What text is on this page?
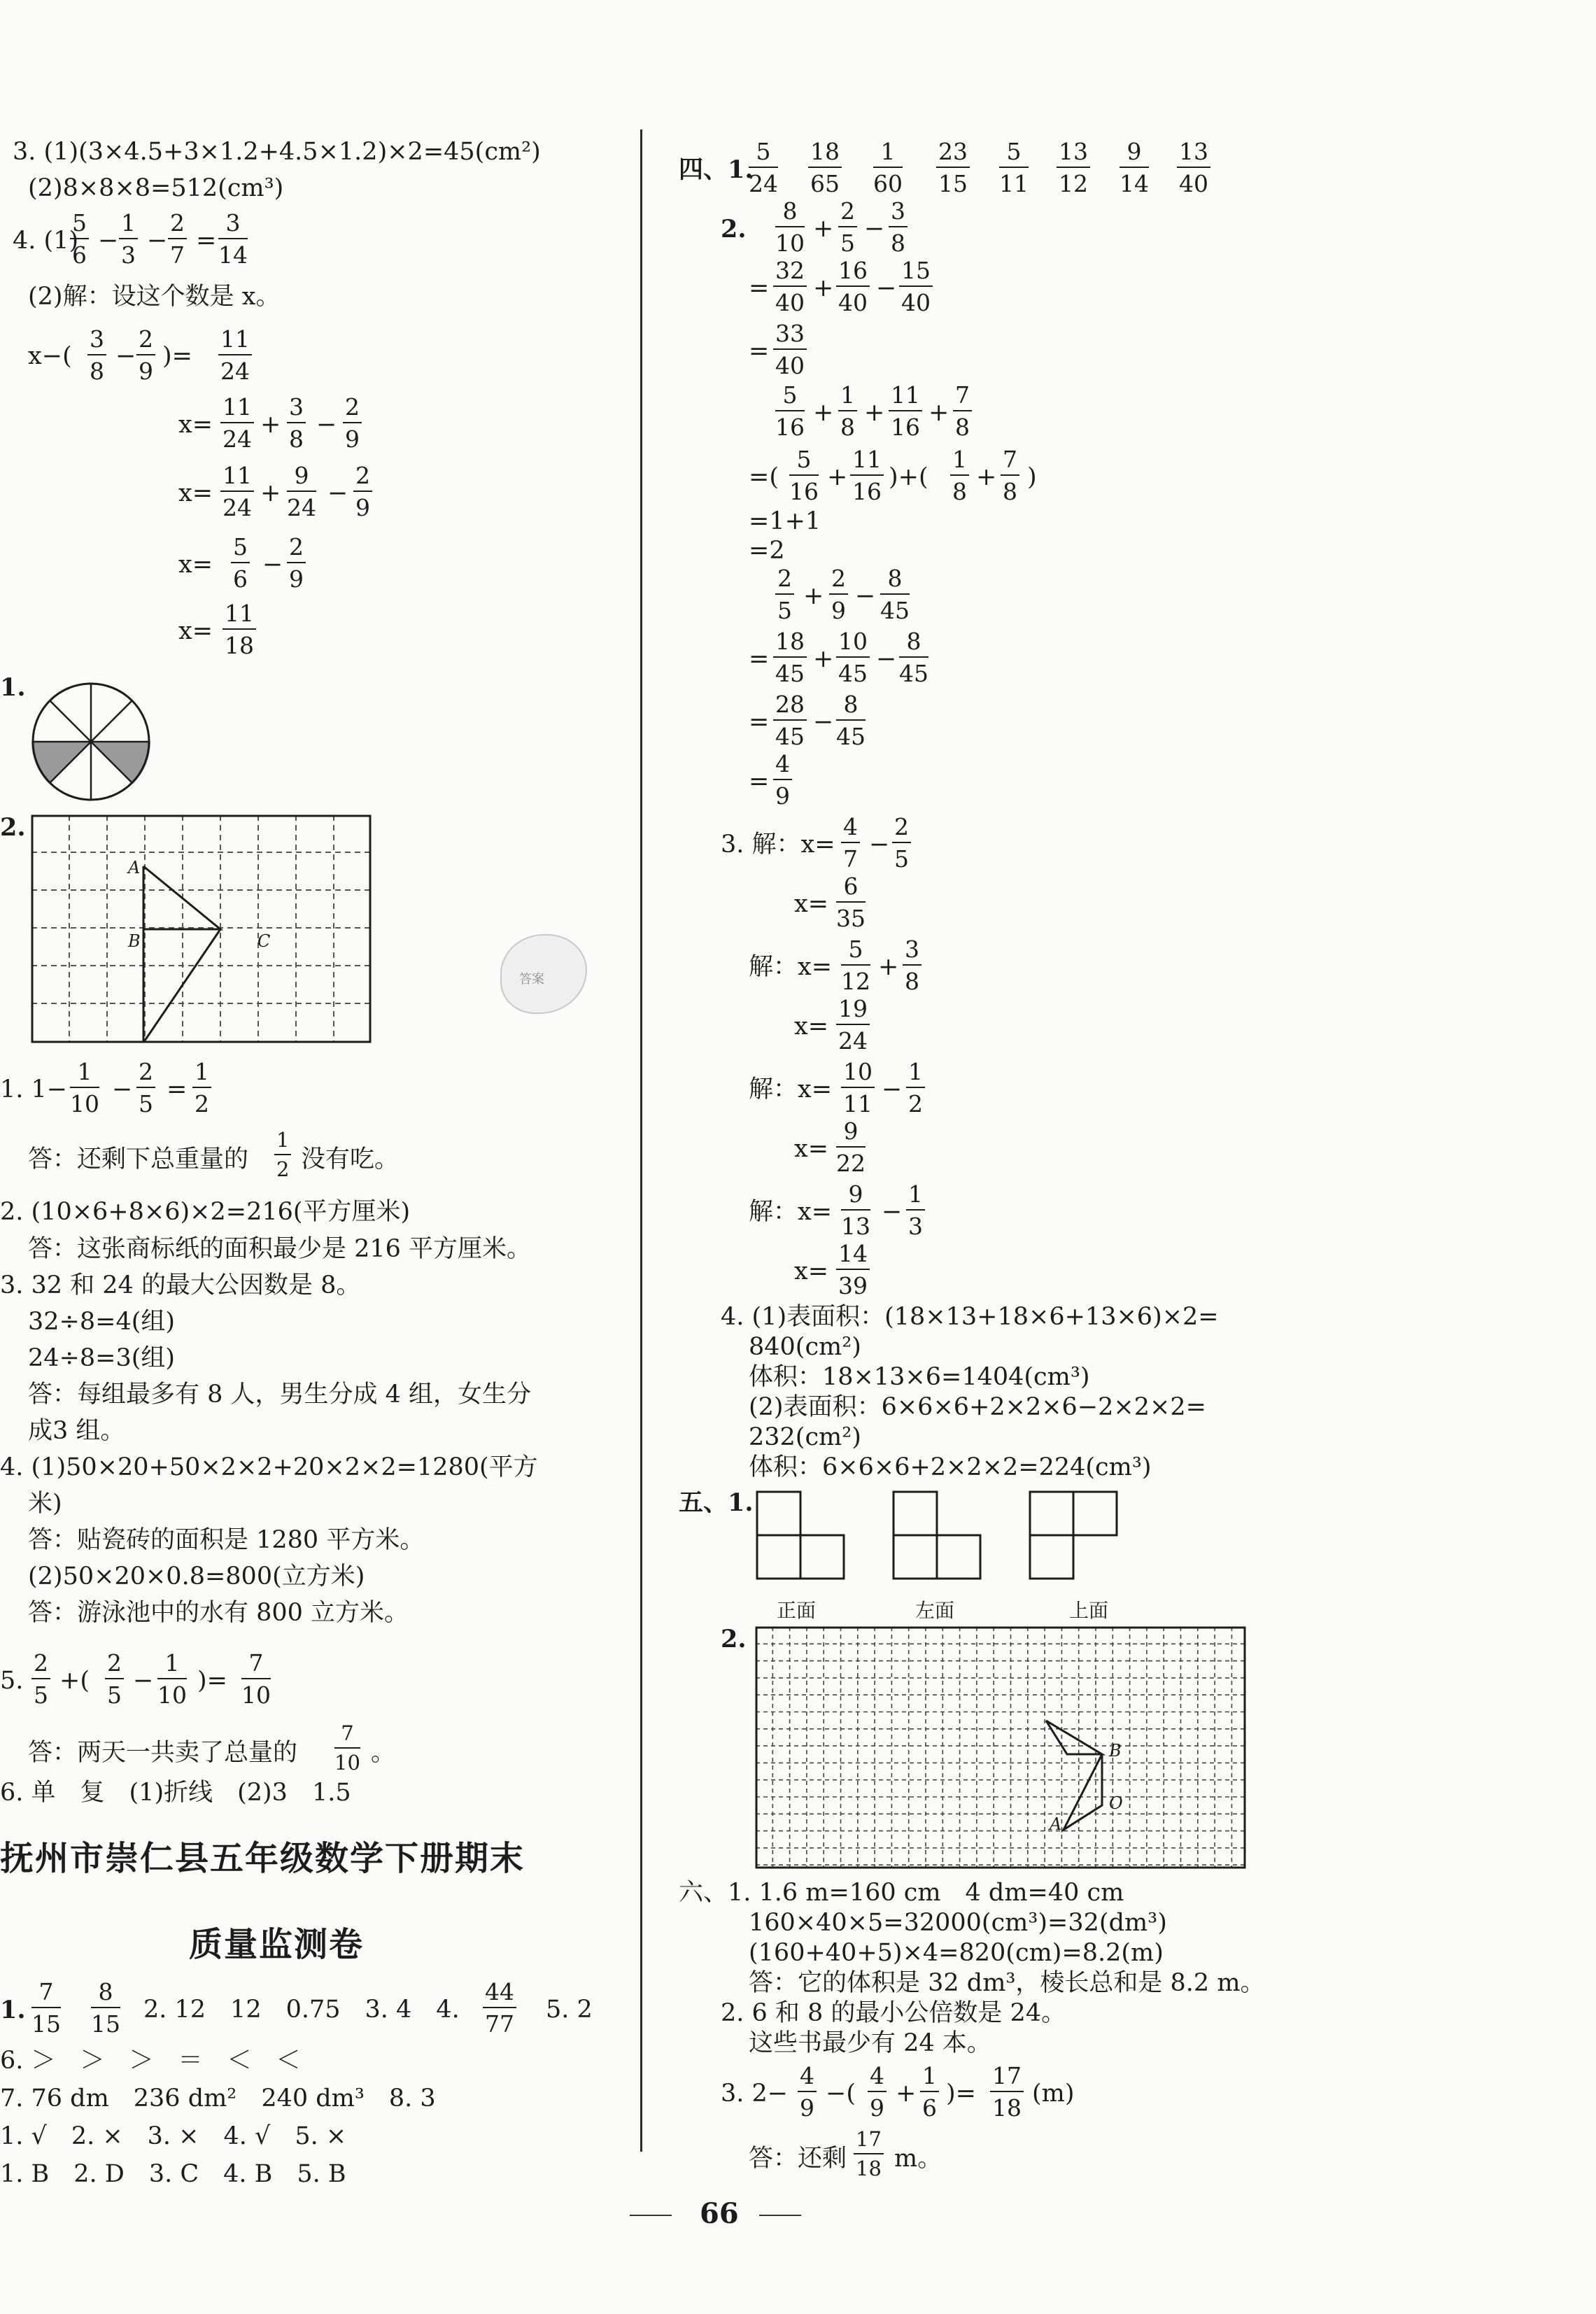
3. (1)(3×4.5+3×1.2+4.5×1.2)×2=45(cm²)
(2)8×8×8=512(cm³)
4. (1)
5
6
−
1
3
−
2
7
=
3
14
(2)解：设这个数是 x。
x−(
3
8
−
2
9
)=
11
24
x=
11
24
+
3
8
−
2
9
x=
11
24
+
9
24
−
2
9
x=
5
6
−
2
9
x=
11
18
1.
2.
A
B	C
答案
1. 1−
1
10
−
2
5
=
1
2
答：还剩下总重量的
1
2 没有吃。
2. (10×6+8×6)×2=216(平方厘米)
答：这张商标纸的面积最少是 216 平方厘米。
3. 32 和 24 的最大公因数是 8。
32÷8=4(组)
24÷8=3(组)
答：每组最多有 8 人，男生分成 4 组，女生分
成3 组。
4. (1)50×20+50×2×2+20×2×2=1280(平方
米)
答：贴瓷砖的面积是 1280 平方米。
(2)50×20×0.8=800(立方米)
答：游泳池中的水有 800 立方米。
5.
2
5
+(
2
5
−
1
10
)=
7
10
答：两天一共卖了总量的
7
10 。
6. 单　复　(1)折线　(2)3　1.5
抚州市崇仁县五年级数学下册期末
质量监测卷
1.
7
15
8
15
2. 12　12　0.75　3. 4　4.
44
77
5. 2
6. ＞　＞　＞　＝　＜　＜
7. 76 dm　236 dm²　240 dm³　8. 3
1. √　2. ×　3. ×　4. √　5. ×
1. B　2. D　3. C　4. B　5. B
四、1.
5
24
18
65
1
60
23
15
5
11
13
12
9
14
13
40
2.
8
10
+
2
5
−
3
8
=
32
40
+
16
40
−
15
40
=
33
40
5
16
+
1
8
+
11
16
+
7
8
=(
5
16
+
11
16
)+(
1
8
+
7
8
)
=1+1
=2
2
5
+
2
9
−
8
45
=
18
45
+
10
45
−
8
45
=
28
45
−
8
45
=
4
9
3. 解：x=
4
7
−
2
5
x=
6
35
解：x=
5
12
+
3
8
x=
19
24
解：x=
10
11
−
1
2
x=
9
22
解：x=
9
13
−
1
3
x=
14
39
4. (1)表面积：(18×13+18×6+13×6)×2=
840(cm²)
体积：18×13×6=1404(cm³)
(2)表面积：6×6×6+2×2×6−2×2×2=
232(cm²)
体积：6×6×6+2×2×2=224(cm³)
五、1.
正面	左面	上面
2.
B
O
A
六、1. 1.6 m=160 cm　4 dm=40 cm
160×40×5=32000(cm³)=32(dm³)
(160+40+5)×4=820(cm)=8.2(m)
答：它的体积是 32 dm³，棱长总和是 8.2 m。
2. 6 和 8 的最小公倍数是 24。
这些书最少有 24 本。
3. 2−
4
9
−(
4
9
+
1
6
)=
17
18
(m)
答：还剩
17
18 m。
66
